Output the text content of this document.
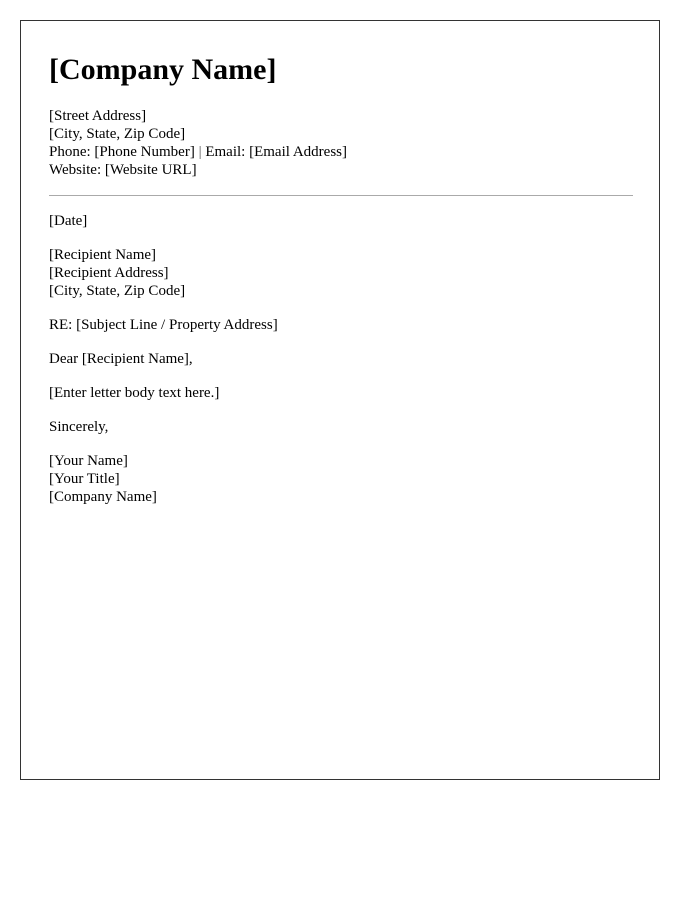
[Company Name]
[Street Address]
[City, State, Zip Code]
Phone: [Phone Number] | Email: [Email Address]
Website: [Website URL]
[Date]
[Recipient Name]
[Recipient Address]
[City, State, Zip Code]
RE: [Subject Line / Property Address]
Dear [Recipient Name],
[Enter letter body text here.]
Sincerely,
[Your Name]
[Your Title]
[Company Name]
